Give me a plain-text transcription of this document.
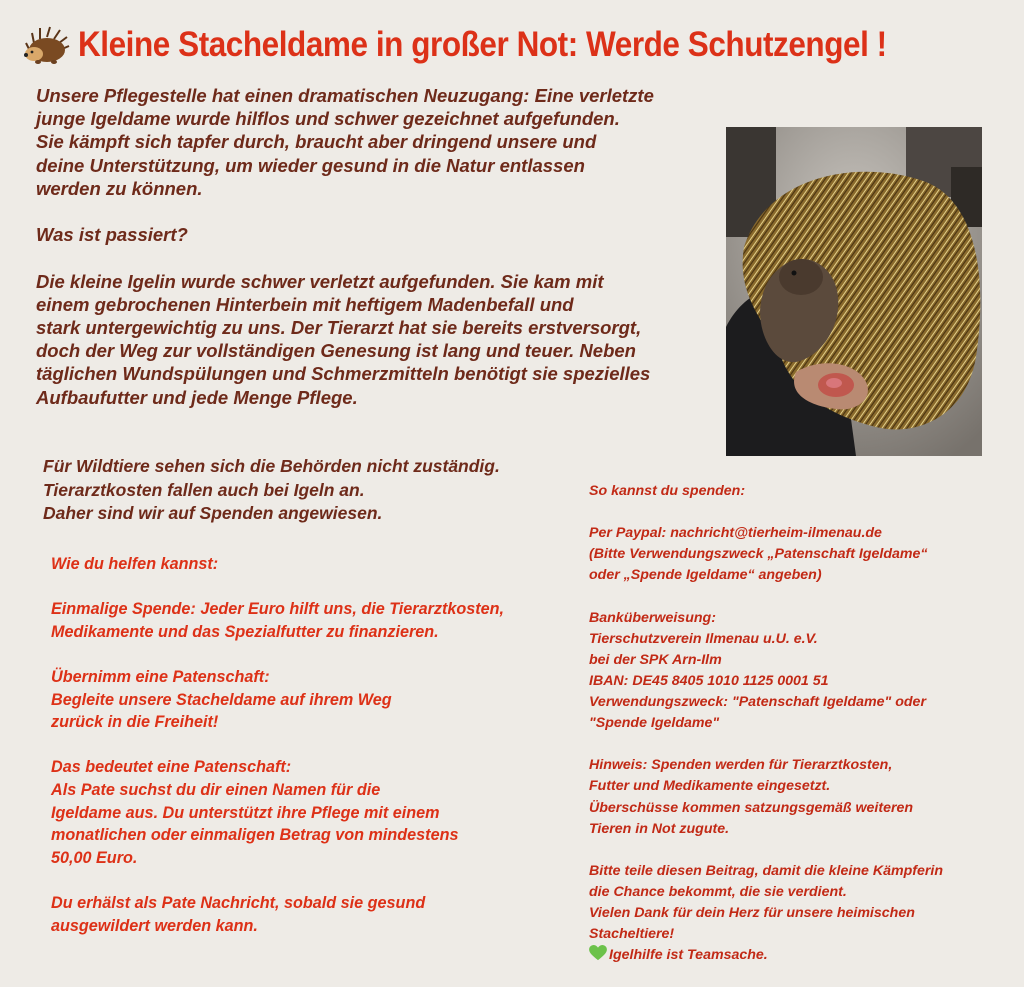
Kleine Stacheldame in großer Not: Werde Schutzengel !
Unsere Pflegestelle hat einen dramatischen Neuzugang: Eine verletzte
junge Igeldame wurde hilflos und schwer gezeichnet aufgefunden.
Sie kämpft sich tapfer durch, braucht aber dringend unsere und
deine Unterstützung, um wieder gesund in die Natur entlassen
werden zu können.

Was ist passiert?

Die kleine Igelin wurde schwer verletzt aufgefunden. Sie kam mit
einem gebrochenen Hinterbein mit heftigem Madenbefall und
stark untergewichtig zu uns. Der Tierarzt hat sie bereits erstversorgt,
doch der Weg zur vollständigen Genesung ist lang und teuer. Neben
täglichen Wundspülungen und Schmerzmitteln benötigt sie spezielles
Aufbaufutter und jede Menge Pflege.
Für Wildtiere sehen sich die Behörden nicht zuständig.
Tierarztkosten fallen auch bei Igeln an.
Daher sind wir auf Spenden angewiesen.
Wie du helfen kannst:

Einmalige Spende: Jeder Euro hilft uns, die Tierarztkosten,
Medikamente und das Spezialfutter zu finanzieren.

Übernimm eine Patenschaft:
Begleite unsere Stacheldame auf ihrem Weg
zurück in die Freiheit!

Das bedeutet eine Patenschaft:
Als Pate suchst du dir einen Namen für die
Igeldame aus. Du unterstützt ihre Pflege mit einem
monatlichen oder einmaligen Betrag von mindestens
50,00 Euro.

Du erhälst als Pate Nachricht, sobald sie gesund
ausgewildert werden kann.

So kannst du spenden:

Per Paypal: nachricht@tierheim-ilmenau.de
(Bitte Verwendungszweck „Patenschaft Igeldame“
oder „Spende Igeldame“ angeben)

Banküberweisung:
Tierschutzverein Ilmenau u.U. e.V.
bei der SPK Arn-Ilm
IBAN: DE45 8405 1010 1125 0001 51
Verwendungszweck: "Patenschaft Igeldame" oder
"Spende Igeldame"

Hinweis: Spenden werden für Tierarztkosten,
Futter und Medikamente eingesetzt.
Überschüsse kommen satzungsgemäß weiteren
Tieren in Not zugute.

Bitte teile diesen Beitrag, damit die kleine Kämpferin
die Chance bekommt, die sie verdient.
Vielen Dank für dein Herz für unsere heimischen
Stacheltiere!

Igelhilfe ist Teamsache.
